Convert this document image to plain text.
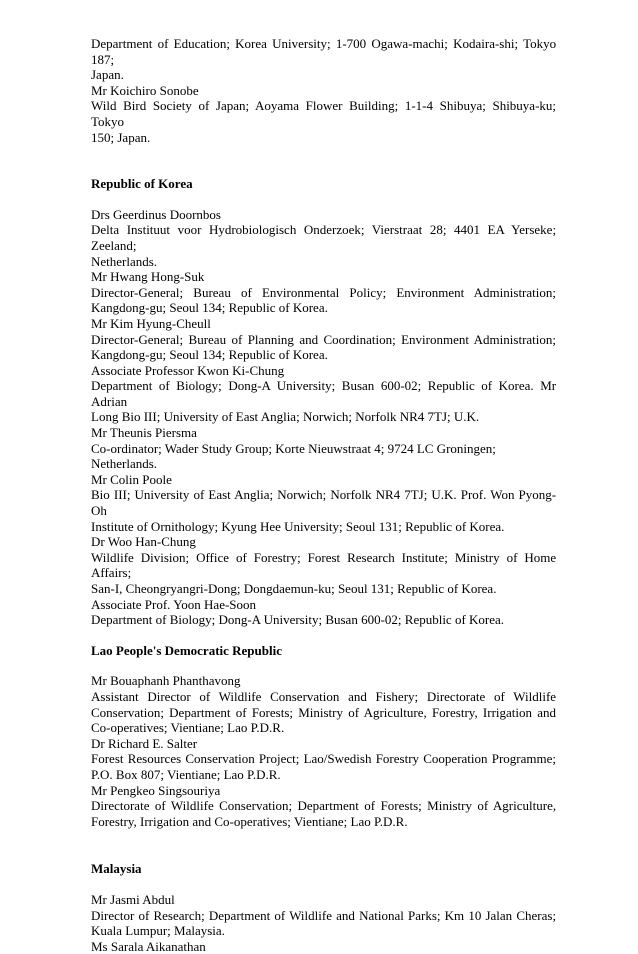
Department of Education; Korea University; 1-700 Ogawa-machi; Kodaira-shi; Tokyo 187;
Japan.
Mr Koichiro Sonobe
Wild Bird Society of Japan; Aoyama Flower Building; 1-1-4 Shibuya; Shibuya-ku; Tokyo
150; Japan.
Republic of Korea
Drs Geerdinus Doornbos
Delta Instituut voor Hydrobiologisch Onderzoek; Vierstraat 28; 4401 EA Yerseke; Zeeland;
Netherlands.
Mr Hwang Hong-Suk
Director-General; Bureau of Environmental Policy; Environment Administration;
Kangdong-gu; Seoul 134; Republic of Korea.
Mr Kim Hyung-Cheull
Director-General; Bureau of Planning and Coordination; Environment Administration;
Kangdong-gu; Seoul 134; Republic of Korea.
Associate Professor Kwon Ki-Chung
Department of Biology; Dong-A University; Busan 600-02; Republic of Korea. Mr Adrian
Long Bio III; University of East Anglia; Norwich; Norfolk NR4 7TJ; U.K.
Mr Theunis Piersma
Co-ordinator; Wader Study Group; Korte Nieuwstraat 4; 9724 LC Groningen; Netherlands.
Mr Colin Poole
Bio III; University of East Anglia; Norwich; Norfolk NR4 7TJ; U.K. Prof. Won Pyong-Oh
Institute of Ornithology; Kyung Hee University; Seoul 131; Republic of Korea.
Dr Woo Han-Chung
Wildlife Division; Office of Forestry; Forest Research Institute; Ministry of Home Affairs;
San-I, Cheongryangri-Dong; Dongdaemun-ku; Seoul 131; Republic of Korea.
Associate Prof. Yoon Hae-Soon
Department of Biology; Dong-A University; Busan 600-02; Republic of Korea.
Lao People's Democratic Republic
Mr Bouaphanh Phanthavong
Assistant Director of Wildlife Conservation and Fishery; Directorate of Wildlife
Conservation; Department of Forests; Ministry of Agriculture, Forestry, Irrigation and
Co-operatives; Vientiane; Lao P.D.R.
Dr Richard E. Salter
Forest Resources Conservation Project; Lao/Swedish Forestry Cooperation Programme;
P.O. Box 807; Vientiane; Lao P.D.R.
Mr Pengkeo Singsouriya
Directorate of Wildlife Conservation; Department of Forests; Ministry of Agriculture,
Forestry, Irrigation and Co-operatives; Vientiane; Lao P.D.R.
Malaysia
Mr Jasmi Abdul
Director of Research; Department of Wildlife and National Parks; Km 10 Jalan Cheras;
Kuala Lumpur; Malaysia.
Ms Sarala Aikanathan
